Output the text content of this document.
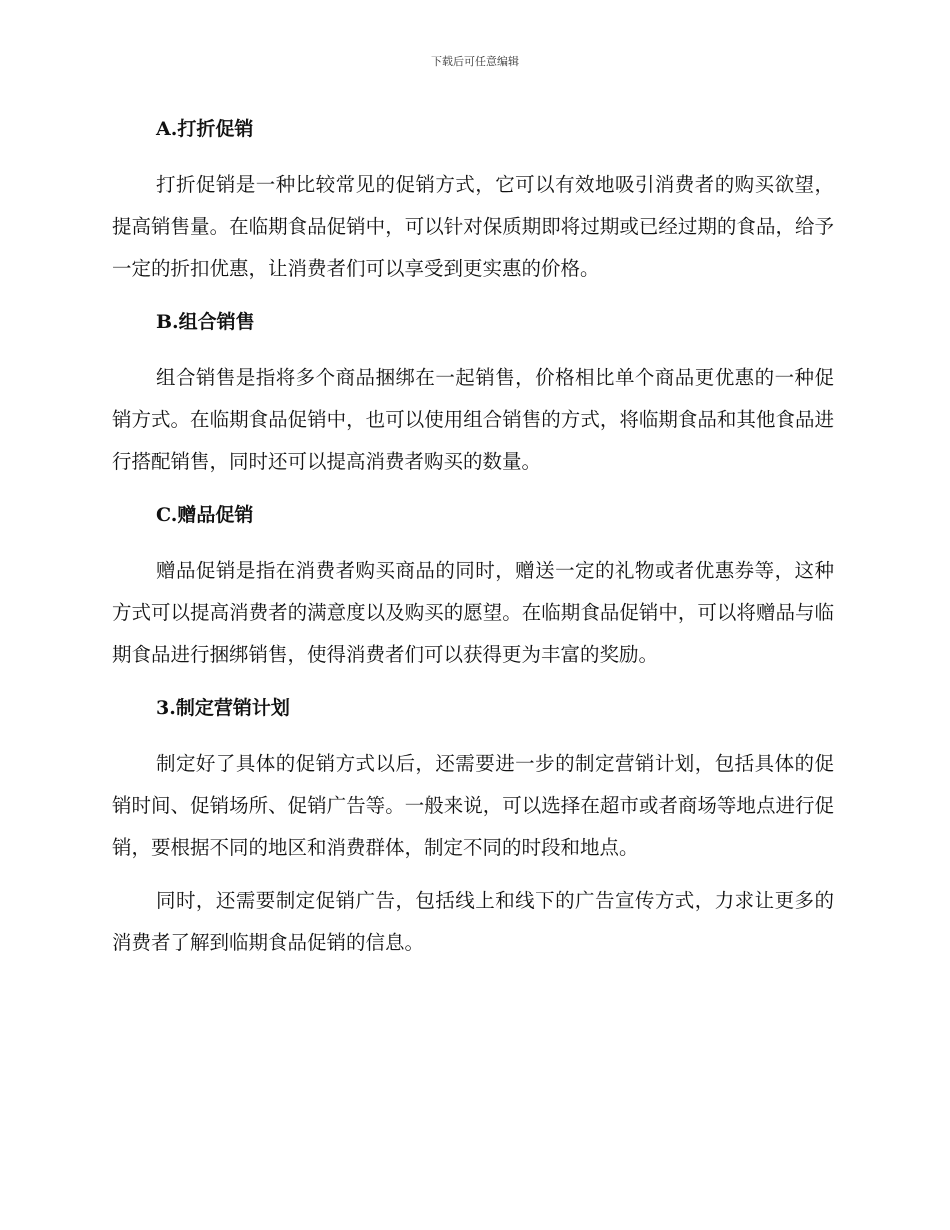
下载后可任意编辑
A.打折促销

打折促销是一种比较常见的促销方式，它可以有效地吸引消费者的购买欲望，提高销售量。在临期食品促销中，可以针对保质期即将过期或已经过期的食品，给予一定的折扣优惠，让消费者们可以享受到更实惠的价格。

B.组合销售

组合销售是指将多个商品捆绑在一起销售，价格相比单个商品更优惠的一种促销方式。在临期食品促销中，也可以使用组合销售的方式，将临期食品和其他食品进行搭配销售，同时还可以提高消费者购买的数量。

C.赠品促销

赠品促销是指在消费者购买商品的同时，赠送一定的礼物或者优惠券等，这种方式可以提高消费者的满意度以及购买的愿望。在临期食品促销中，可以将赠品与临期食品进行捆绑销售，使得消费者们可以获得更为丰富的奖励。

3.制定营销计划

制定好了具体的促销方式以后，还需要进一步的制定营销计划，包括具体的促销时间、促销场所、促销广告等。一般来说，可以选择在超市或者商场等地点进行促销，要根据不同的地区和消费群体，制定不同的时段和地点。

同时，还需要制定促销广告，包括线上和线下的广告宣传方式，力求让更多的消费者了解到临期食品促销的信息。
